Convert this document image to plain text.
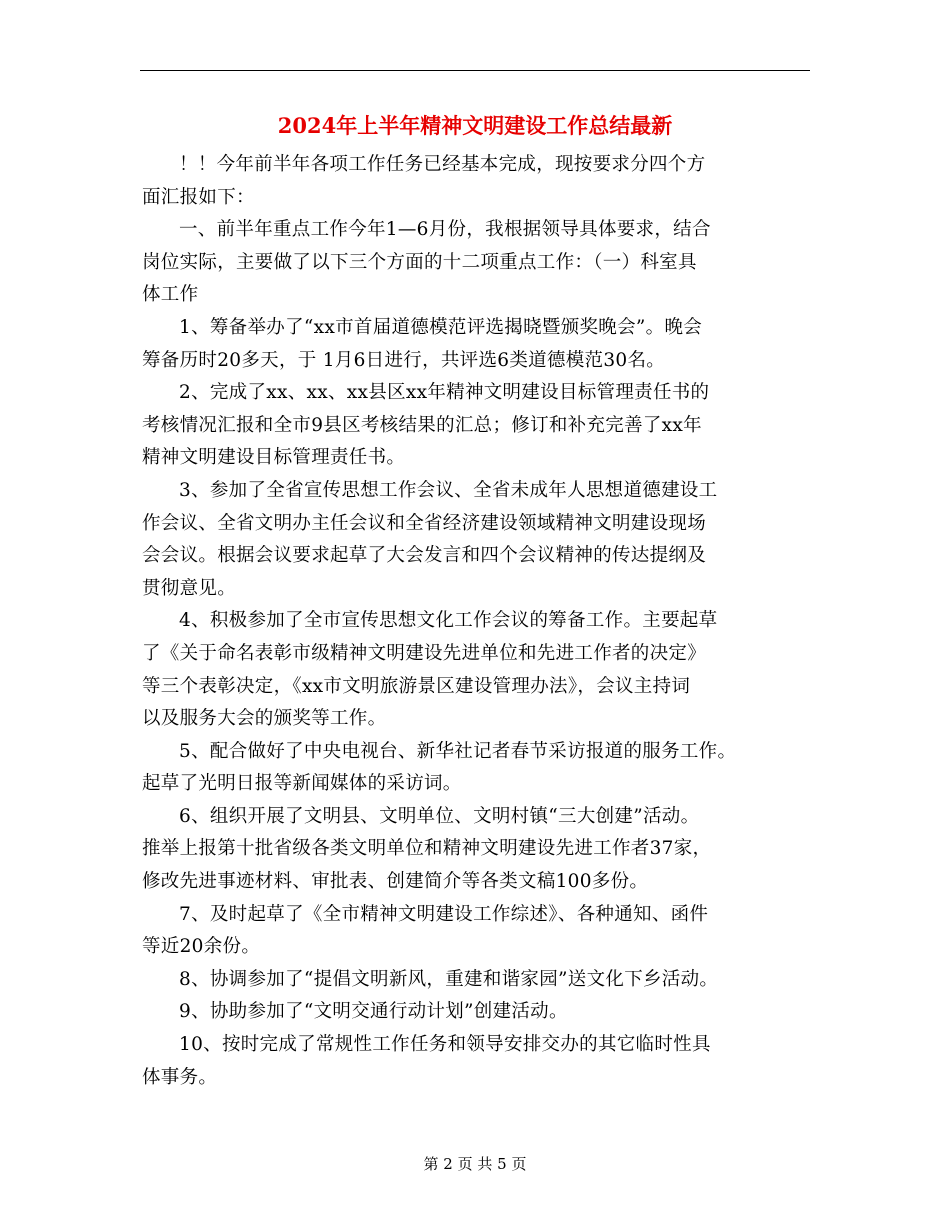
2024年上半年精神文明建设工作总结最新
！！今年前半年各项工作任务已经基本完成，现按要求分四个方
面汇报如下：
一、前半年重点工作今年1—6月份，我根据领导具体要求，结合
岗位实际，主要做了以下三个方面的十二项重点工作：（一）科室具
体工作
1、筹备举办了“xx市首届道德模范评选揭晓暨颁奖晚会”。晚会
筹备历时20多天，于 1月6日进行，共评选6类道德模范30名。
2、完成了xx、xx、xx县区xx年精神文明建设目标管理责任书的
考核情况汇报和全市9县区考核结果的汇总；修订和补充完善了xx年
精神文明建设目标管理责任书。
3、参加了全省宣传思想工作会议、全省未成年人思想道德建设工
作会议、全省文明办主任会议和全省经济建设领域精神文明建设现场
会会议。根据会议要求起草了大会发言和四个会议精神的传达提纲及
贯彻意见。
4、积极参加了全市宣传思想文化工作会议的筹备工作。主要起草
了《关于命名表彰市级精神文明建设先进单位和先进工作者的决定》
等三个表彰决定，《xx市文明旅游景区建设管理办法》，会议主持词
以及服务大会的颁奖等工作。
5、配合做好了中央电视台、新华社记者春节采访报道的服务工作。
起草了光明日报等新闻媒体的采访词。
6、组织开展了文明县、文明单位、文明村镇“三大创建”活动。
推举上报第十批省级各类文明单位和精神文明建设先进工作者37家，
修改先进事迹材料、审批表、创建简介等各类文稿100多份。
7、及时起草了《全市精神文明建设工作综述》、各种通知、函件
等近20余份。
8、协调参加了“提倡文明新风，重建和谐家园”送文化下乡活动。
9、协助参加了“文明交通行动计划”创建活动。
10、按时完成了常规性工作任务和领导安排交办的其它临时性具
体事务。
第 2 页 共 5 页
